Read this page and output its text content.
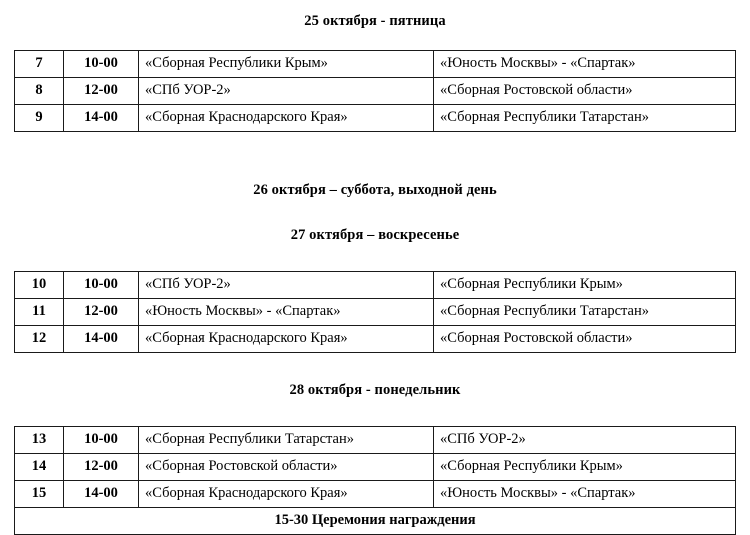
25 октября - пятница
7	10-00	«Сборная Республики Крым»	«Юность Москвы» - «Спартак»
8	12-00	«СПб УОР-2»	«Сборная Ростовской области»
9	14-00	«Сборная Краснодарского Края»	«Сборная Республики Татарстан»
26 октября – суббота, выходной день
27 октября – воскресенье
10	10-00	«СПб УОР-2»	«Сборная Республики Крым»
11	12-00	«Юность Москвы» - «Спартак»	«Сборная Республики Татарстан»
12	14-00	«Сборная Краснодарского Края»	«Сборная Ростовской области»
28 октября - понедельник
13	10-00	«Сборная Республики Татарстан»	«СПб УОР-2»
14	12-00	«Сборная Ростовской области»	«Сборная Республики Крым»
15	14-00	«Сборная Краснодарского Края»	«Юность Москвы» - «Спартак»
15-30 Церемония награждения			
